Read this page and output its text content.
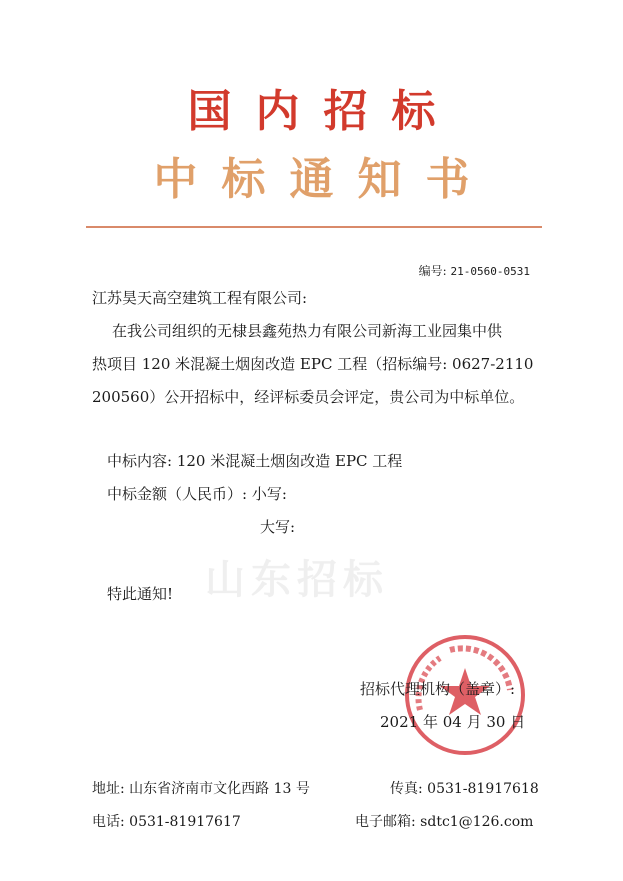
国内招标
中标通知书
编号: 21-0560-0531
江苏昊天高空建筑工程有限公司:
在我公司组织的无棣县鑫苑热力有限公司新海工业园集中供
热项目 120 米混凝土烟囱改造 EPC 工程（招标编号: 0627-2110
200560）公开招标中，经评标委员会评定，贵公司为中标单位。
中标内容: 120 米混凝土烟囱改造 EPC 工程
中标金额（人民币）: 小写:
大写:
山东招标
特此通知!
招标代理机构（盖章）:
2021 年 04 月 30 日
地址: 山东省济南市文化西路 13 号	传真: 0531-81917618
电话: 0531-81917617	电子邮箱: sdtc1@126.com
